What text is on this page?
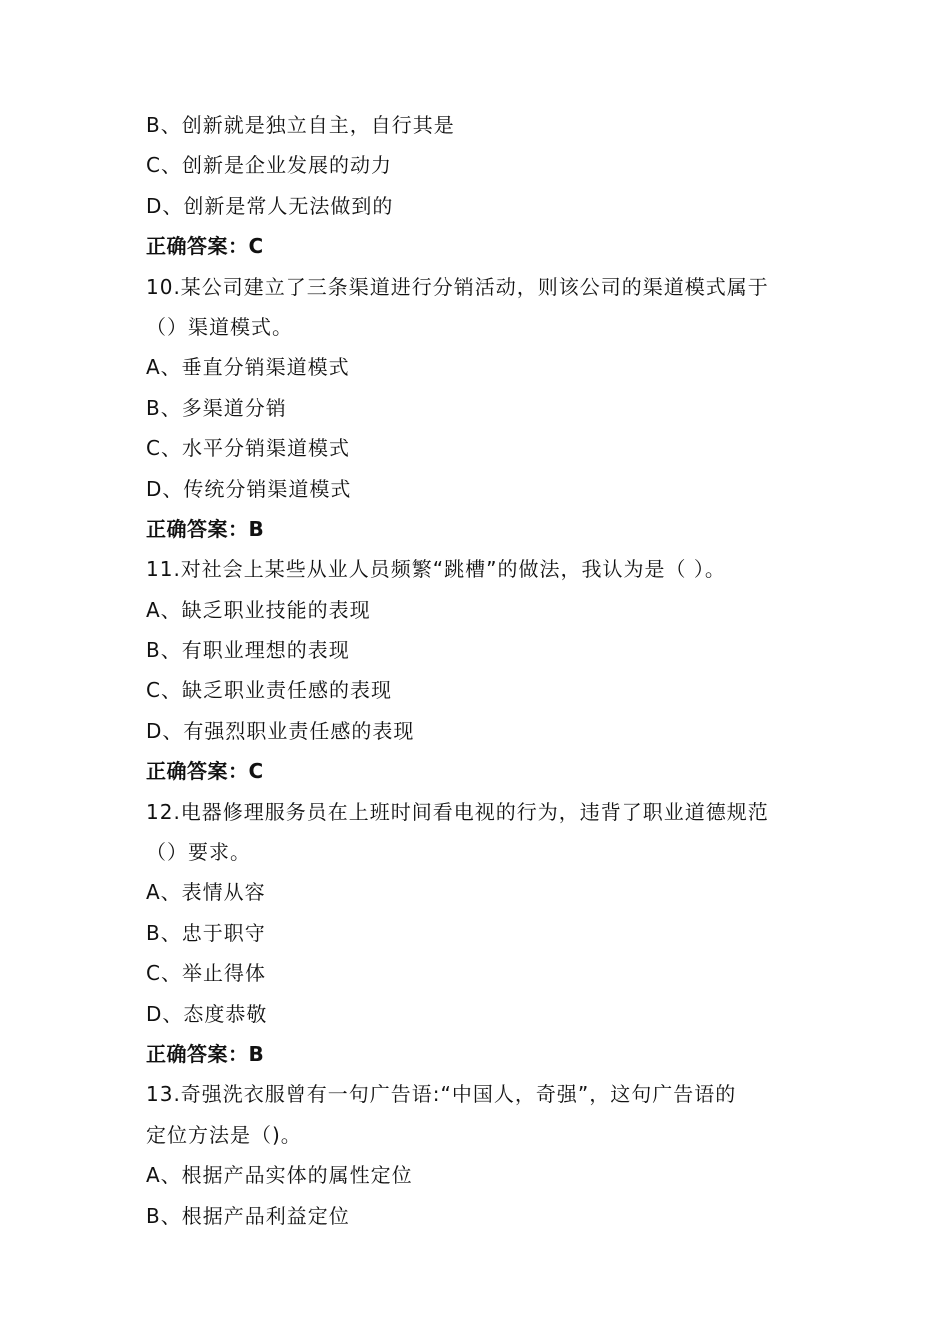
B、创新就是独立自主，自行其是
C、创新是企业发展的动力
D、创新是常人无法做到的
正确答案：C
10.某公司建立了三条渠道进行分销活动，则该公司的渠道模式属于
（）渠道模式。
A、垂直分销渠道模式
B、多渠道分销
C、水平分销渠道模式
D、传统分销渠道模式
正确答案：B
11.对社会上某些从业人员频繁“跳槽”的做法，我认为是（ ）。
A、缺乏职业技能的表现
B、有职业理想的表现
C、缺乏职业责任感的表现
D、有强烈职业责任感的表现
正确答案：C
12.电器修理服务员在上班时间看电视的行为，违背了职业道德规范
（）要求。
A、表情从容
B、忠于职守
C、举止得体
D、态度恭敬
正确答案：B
13.奇强洗衣服曾有一句广告语:“中国人，奇强”，这句广告语的
定位方法是（)。
A、根据产品实体的属性定位
B、根据产品利益定位
